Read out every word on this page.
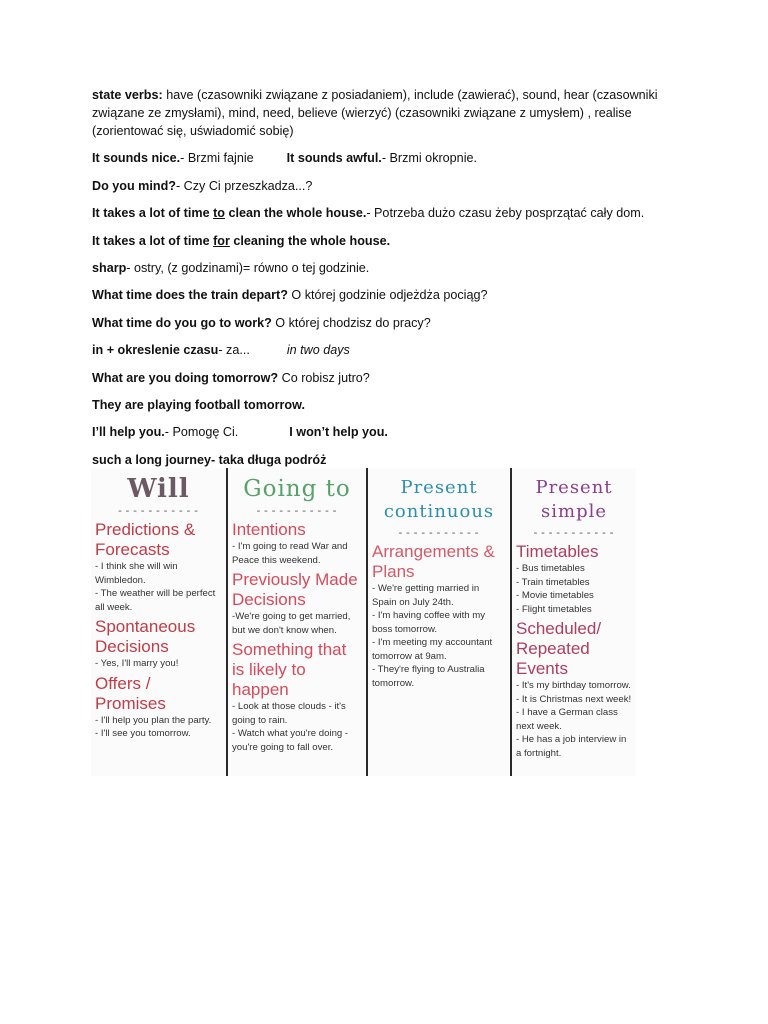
state verbs: have (czasowniki związane z posiadaniem), include (zawierać), sound, hear (czasowniki
związane ze zmysłami), mind, need, believe (wierzyć) (czasowniki związane z umysłem) , realise
(zorientować się, uświadomić sobię)

It sounds nice.- Brzmi fajnie	It sounds awful.- Brzmi okropnie.

Do you mind?- Czy Ci przeszkadza...?

It takes a lot of time to clean the whole house.- Potrzeba dużo czasu żeby posprzątać cały dom.

It takes a lot of time for cleaning the whole house.

sharp- ostry, (z godzinami)= równo o tej godzinie.

What time does the train depart? O której godzinie odjeżdża pociąg?

What time do you go to work? O której chodzisz do pracy?

in + okreslenie czasu- za...	in two days

What are you doing tomorrow? Co robisz jutro?

They are playing football tomorrow.

I’ll help you.- Pomogę Ci.	I won’t help you.

such a long journey- taka długa podróż

Will
-----------
Predictions & Forecasts
- I think she will win Wimbledon.
- The weather will be perfect all week.
Spontaneous Decisions
- Yes, I'll marry you!
Offers / Promises
- I'll help you plan the party.
- I'll see you tomorrow.
Going to
-----------
Intentions
- I'm going to read War and Peace this weekend.
Previously Made Decisions
-We're going to get married, but we don't know when.
Something that is likely to happen
- Look at those clouds - it's going to rain.
- Watch what you're doing - you're going to fall over.
Present
continuous
-----------
Arrangements & Plans
- We're getting married in Spain on July 24th.
- I'm having coffee with my boss tomorrow.
- I'm meeting my accountant tomorrow at 9am.
- They're flying to Australia tomorrow.
Present
simple
-----------
Timetables
- Bus timetables
- Train timetables
- Movie timetables
- Flight timetables
Scheduled/ Repeated Events
- It's my birthday tomorrow.
- It is Christmas next week!
- I have a German class next week.
- He has a job interview in a fortnight.
